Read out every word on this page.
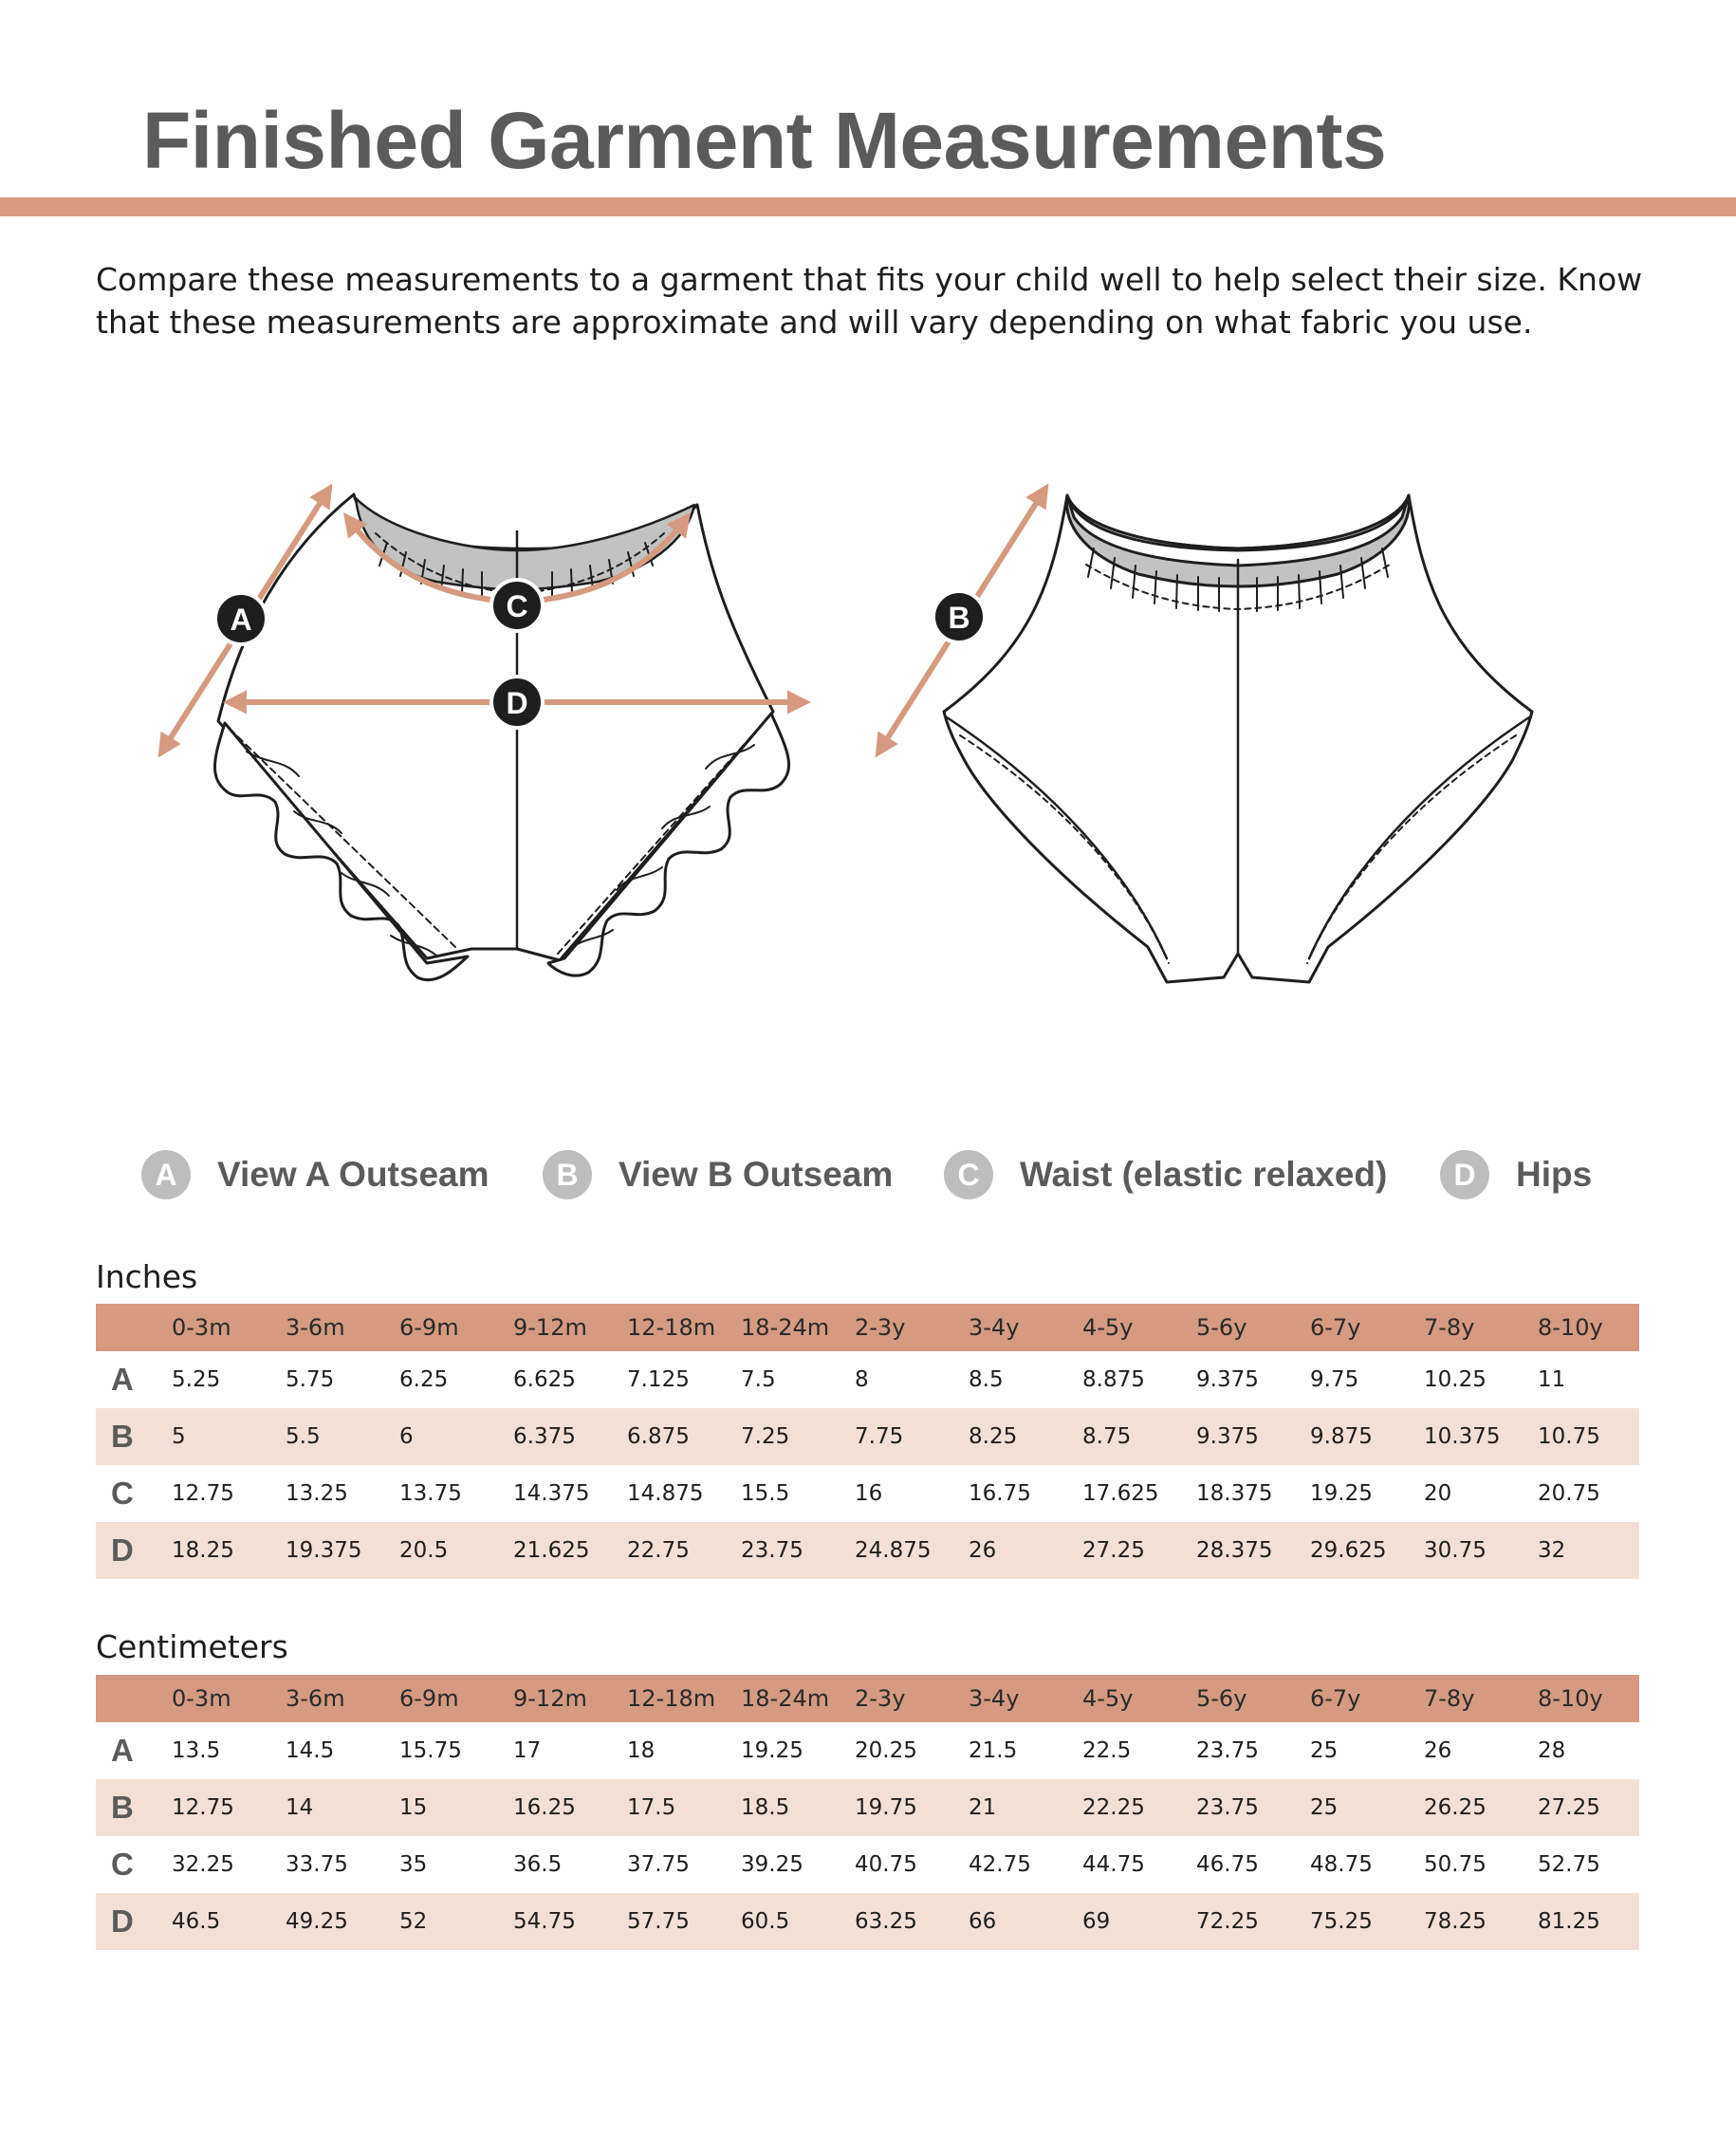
Finished Garment Measurements

Compare these measurements to a garment that fits your child well to help select their size. Know that these measurements are approximate and will vary depending on what fabric you use.

A	C
D
B
A	View A Outseam	B	View B Outseam	C	Waist (elastic relaxed)	D	Hips

Inches

0-3m 3-6m 6-9m 9-12m 12-18m 18-24m 2-3y	3-4y	4-5y	5-6y	6-7y	7-8y	8-10y
A 5.25	5.75	6.25	6.625 7.125 7.5	8	8.5	8.875 9.375 9.75	10.25 11
B 5	5.5	6	6.375 6.875 7.25	7.75	8.25	8.75	9.375 9.875 10.375 10.75
C 12.75 13.25 13.75 14.375 14.875 15.5	16	16.75 17.625 18.375 19.25 20	20.75
D 18.25 19.375 20.5	21.625 22.75 23.75 24.875 26	27.25 28.375 29.625 30.75 32

Centimeters

0-3m 3-6m 6-9m 9-12m 12-18m 18-24m 2-3y	3-4y	4-5y	5-6y	6-7y	7-8y	8-10y
A 13.5	14.5	15.75 17	18	19.25 20.25 21.5	22.5	23.75 25	26	28
B 12.75 14	15	16.25 17.5	18.5	19.75 21	22.25 23.75 25	26.25 27.25
C 32.25 33.75 35	36.5	37.75 39.25 40.75 42.75 44.75 46.75 48.75 50.75 52.75
D 46.5	49.25 52	54.75 57.75 60.5	63.25 66	69	72.25 75.25 78.25 81.25
